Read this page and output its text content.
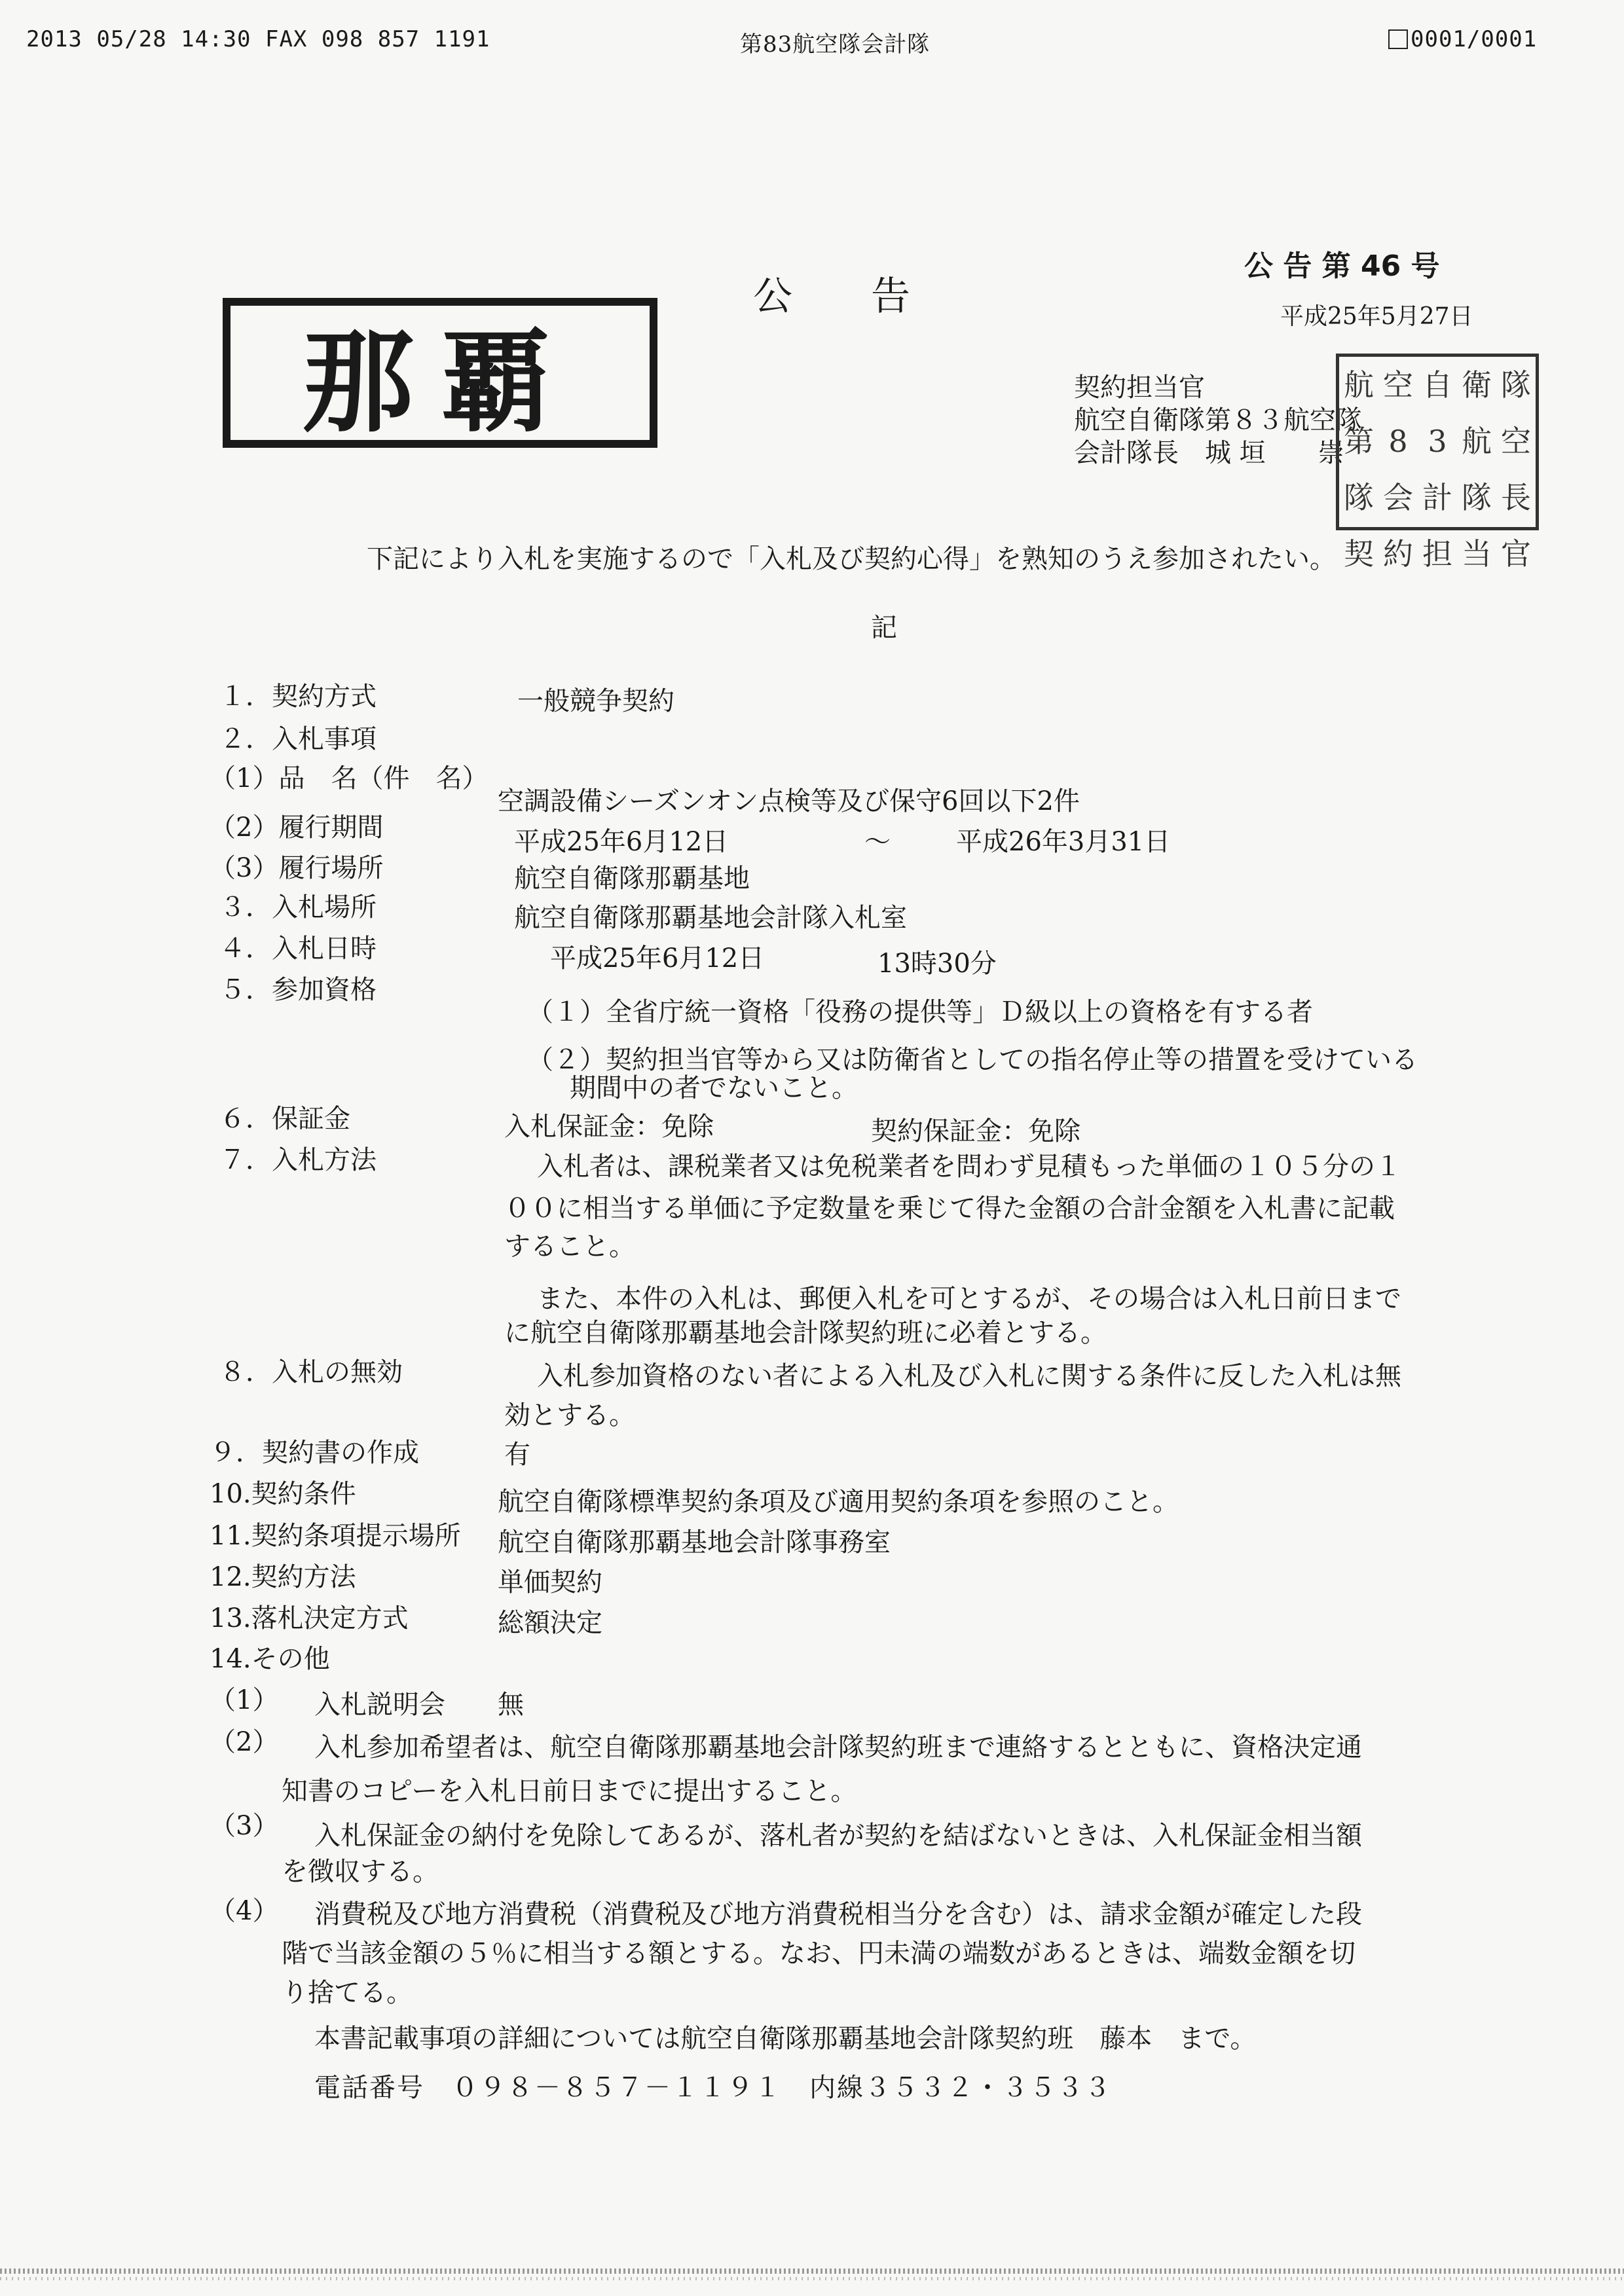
2013 05/28 14:30 FAX 098 857 1191	第83航空隊会計隊	0001/0001
那覇
公　　告
公 告 第 46 号
平成25年5月27日
契約担当官
航空自衛隊第８３航空隊
会計隊長　城 垣　　崇
航 空 自 衛 隊
第 8 3 航 空
隊 会 計 隊 長
契 約 担 当 官
下記により入札を実施するので「入札及び契約心得」を熟知のうえ参加されたい。
記
１．契約方式	一般競争契約
２．入札事項
（1）品　名（件　名）
空調設備シーズンオン点検等及び保守6回以下2件
（2）履行期間	平成25年6月12日	～	平成26年3月31日
（3）履行場所	航空自衛隊那覇基地
３．入札場所	航空自衛隊那覇基地会計隊入札室
４．入札日時	平成25年6月12日	13時30分
５．参加資格
（１）全省庁統一資格「役務の提供等」Ｄ級以上の資格を有する者
（２）契約担当官等から又は防衛省としての指名停止等の措置を受けている
期間中の者でないこと。
６．保証金	入札保証金：免除	契約保証金：免除
７．入札方法	入札者は、課税業者又は免税業者を問わず見積もった単価の１０５分の１
００に相当する単価に予定数量を乗じて得た金額の合計金額を入札書に記載
すること。
また、本件の入札は、郵便入札を可とするが、その場合は入札日前日まで
に航空自衛隊那覇基地会計隊契約班に必着とする。
８．入札の無効	入札参加資格のない者による入札及び入札に関する条件に反した入札は無
効とする。
９．契約書の作成	有
10.契約条件	航空自衛隊標準契約条項及び適用契約条項を参照のこと。
11.契約条項提示場所 航空自衛隊那覇基地会計隊事務室
12.契約方法	単価契約
13.落札決定方式	総額決定
14.その他
（1） 入札説明会　　無
（2） 入札参加希望者は、航空自衛隊那覇基地会計隊契約班まで連絡するとともに、資格決定通
知書のコピーを入札日前日までに提出すること。
（3） 入札保証金の納付を免除してあるが、落札者が契約を結ばないときは、入札保証金相当額
を徴収する。
（4） 消費税及び地方消費税（消費税及び地方消費税相当分を含む）は、請求金額が確定した段
階で当該金額の５％に相当する額とする。なお、円未満の端数があるときは、端数金額を切
り捨てる。
本書記載事項の詳細については航空自衛隊那覇基地会計隊契約班　藤本　まで。
電話番号　０９８－８５７－１１９１　内線３５３２・３５３３
